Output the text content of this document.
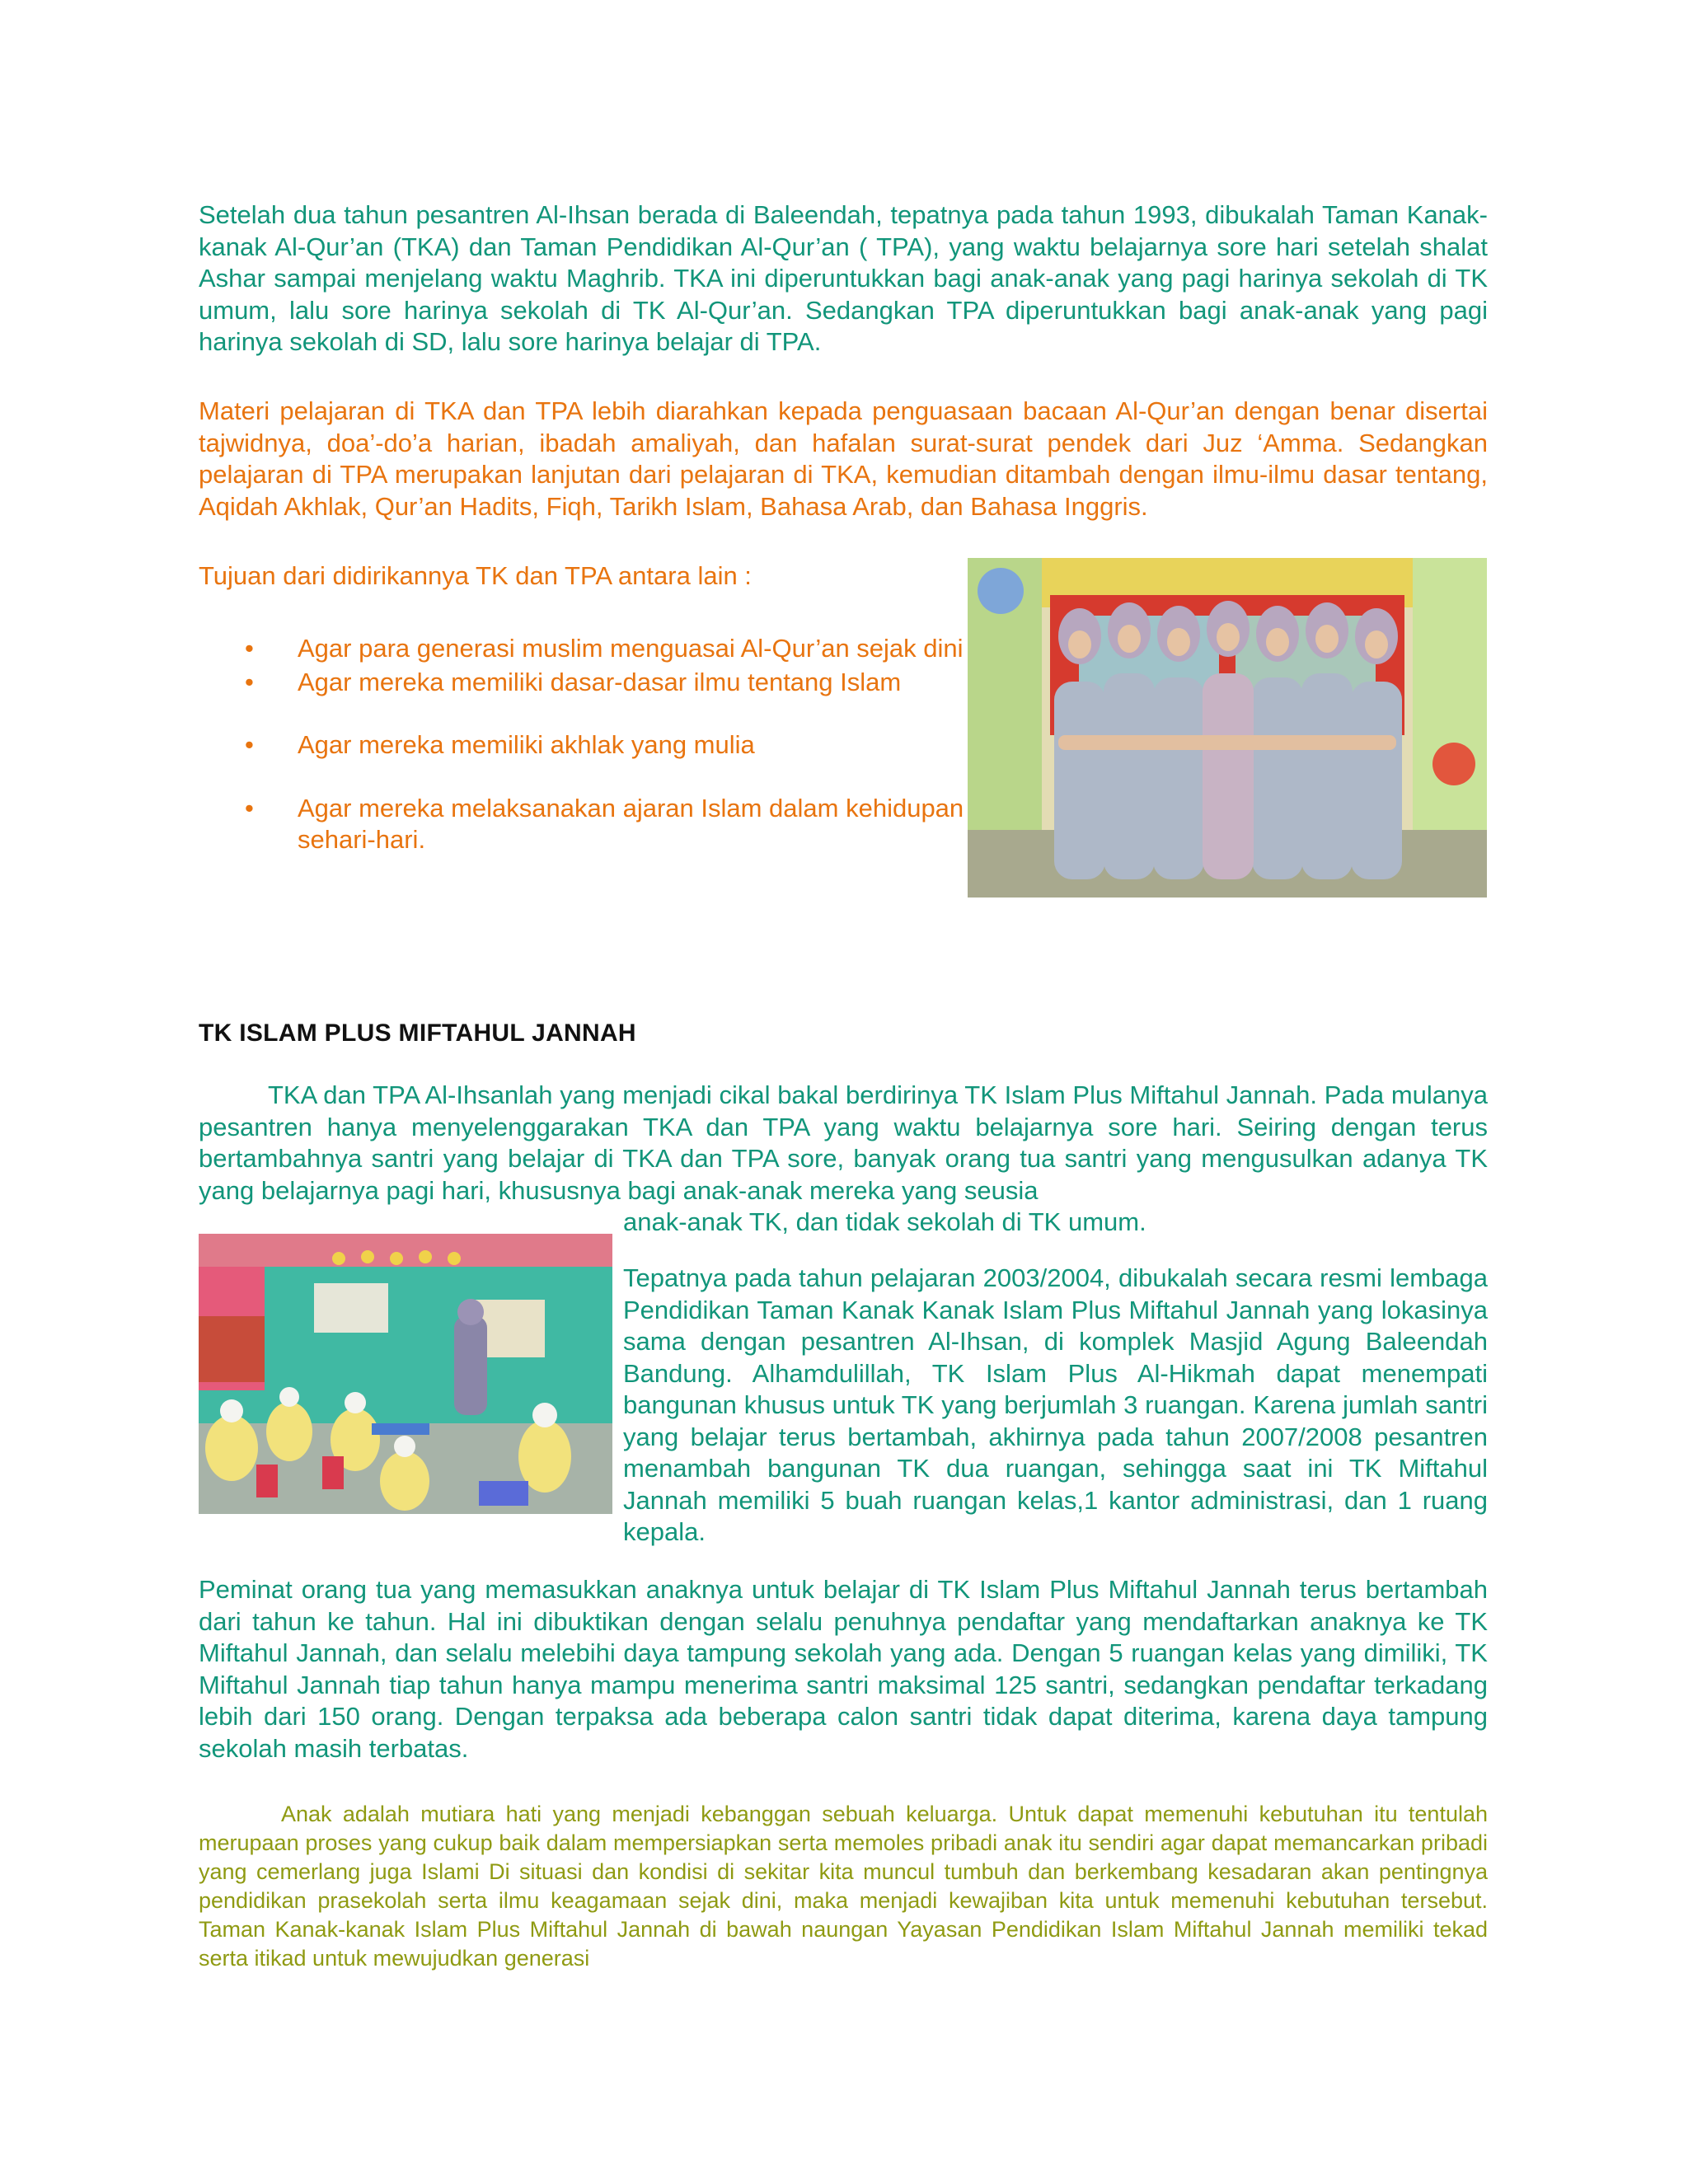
Setelah dua tahun pesantren Al-Ihsan berada di Baleendah, tepatnya pada tahun 1993, dibukalah Taman Kanak-kanak Al-Qur’an (TKA) dan Taman Pendidikan Al-Qur’an ( TPA), yang waktu belajarnya sore hari setelah shalat Ashar sampai menjelang waktu Maghrib. TKA ini diperuntukkan bagi anak-anak yang pagi harinya sekolah di TK umum, lalu sore harinya sekolah di TK Al-Qur’an. Sedangkan TPA diperuntukkan bagi anak-anak yang pagi harinya sekolah di SD, lalu sore harinya belajar di TPA.

Materi pelajaran di TKA dan TPA lebih diarahkan kepada penguasaan bacaan Al-Qur’an dengan benar disertai tajwidnya, doa’-do’a harian, ibadah amaliyah, dan hafalan surat-surat pendek dari Juz ‘Amma. Sedangkan pelajaran di TPA merupakan lanjutan dari pelajaran di TKA, kemudian ditambah dengan ilmu-ilmu dasar tentang, Aqidah Akhlak, Qur’an Hadits, Fiqh, Tarikh Islam, Bahasa Arab, dan Bahasa Inggris.

Tujuan dari didirikannya TK dan TPA antara lain :

• Agar para generasi muslim menguasai Al-Qur’an sejak dini
• Agar mereka memiliki dasar-dasar ilmu tentang Islam
• Agar mereka memiliki akhlak yang mulia
• Agar mereka melaksanakan ajaran Islam dalam kehidupan sehari-hari.
TK ISLAM PLUS MIFTAHUL JANNAH

TKA dan TPA Al-Ihsanlah yang menjadi cikal bakal berdirinya TK Islam Plus Miftahul Jannah. Pada mulanya pesantren hanya menyelenggarakan TKA dan TPA yang waktu belajarnya sore hari. Seiring dengan terus bertambahnya santri yang belajar di TKA dan TPA sore, banyak orang tua santri yang mengusulkan adanya TK yang belajarnya pagi hari, khususnya bagi anak-anak mereka yang seusia

anak-anak TK, dan tidak sekolah di TK umum.

Tepatnya pada tahun pelajaran 2003/2004, dibukalah secara resmi lembaga Pendidikan Taman Kanak Kanak Islam Plus Miftahul Jannah yang lokasinya sama dengan pesantren Al-Ihsan, di komplek Masjid Agung Baleendah Bandung. Alhamdulillah, TK Islam Plus Al-Hikmah dapat menempati bangunan khusus untuk TK yang berjumlah 3 ruangan. Karena jumlah santri yang belajar terus bertambah, akhirnya pada tahun 2007/2008 pesantren menambah bangunan TK dua ruangan, sehingga saat ini TK Miftahul Jannah memiliki 5 buah ruangan kelas,1 kantor administrasi, dan 1 ruang kepala.

Peminat orang tua yang memasukkan anaknya untuk belajar di TK Islam Plus Miftahul Jannah terus bertambah dari tahun ke tahun. Hal ini dibuktikan dengan selalu penuhnya pendaftar yang mendaftarkan anaknya ke TK Miftahul Jannah, dan selalu melebihi daya tampung sekolah yang ada. Dengan 5 ruangan kelas yang dimiliki, TK Miftahul Jannah tiap tahun hanya mampu menerima santri maksimal 125 santri, sedangkan pendaftar terkadang lebih dari 150 orang. Dengan terpaksa ada beberapa calon santri tidak dapat diterima, karena daya tampung sekolah masih terbatas.

Anak adalah mutiara hati yang menjadi kebanggan sebuah keluarga. Untuk dapat memenuhi kebutuhan itu tentulah merupaan proses yang cukup baik dalam mempersiapkan serta memoles pribadi anak itu sendiri agar dapat memancarkan pribadi yang cemerlang juga Islami Di situasi dan kondisi di sekitar kita muncul tumbuh dan berkembang kesadaran akan pentingnya pendidikan prasekolah serta ilmu keagamaan sejak dini, maka menjadi kewajiban kita untuk memenuhi kebutuhan tersebut. Taman Kanak-kanak Islam Plus Miftahul Jannah di bawah naungan Yayasan Pendidikan Islam Miftahul Jannah memiliki tekad serta itikad untuk mewujudkan generasi
